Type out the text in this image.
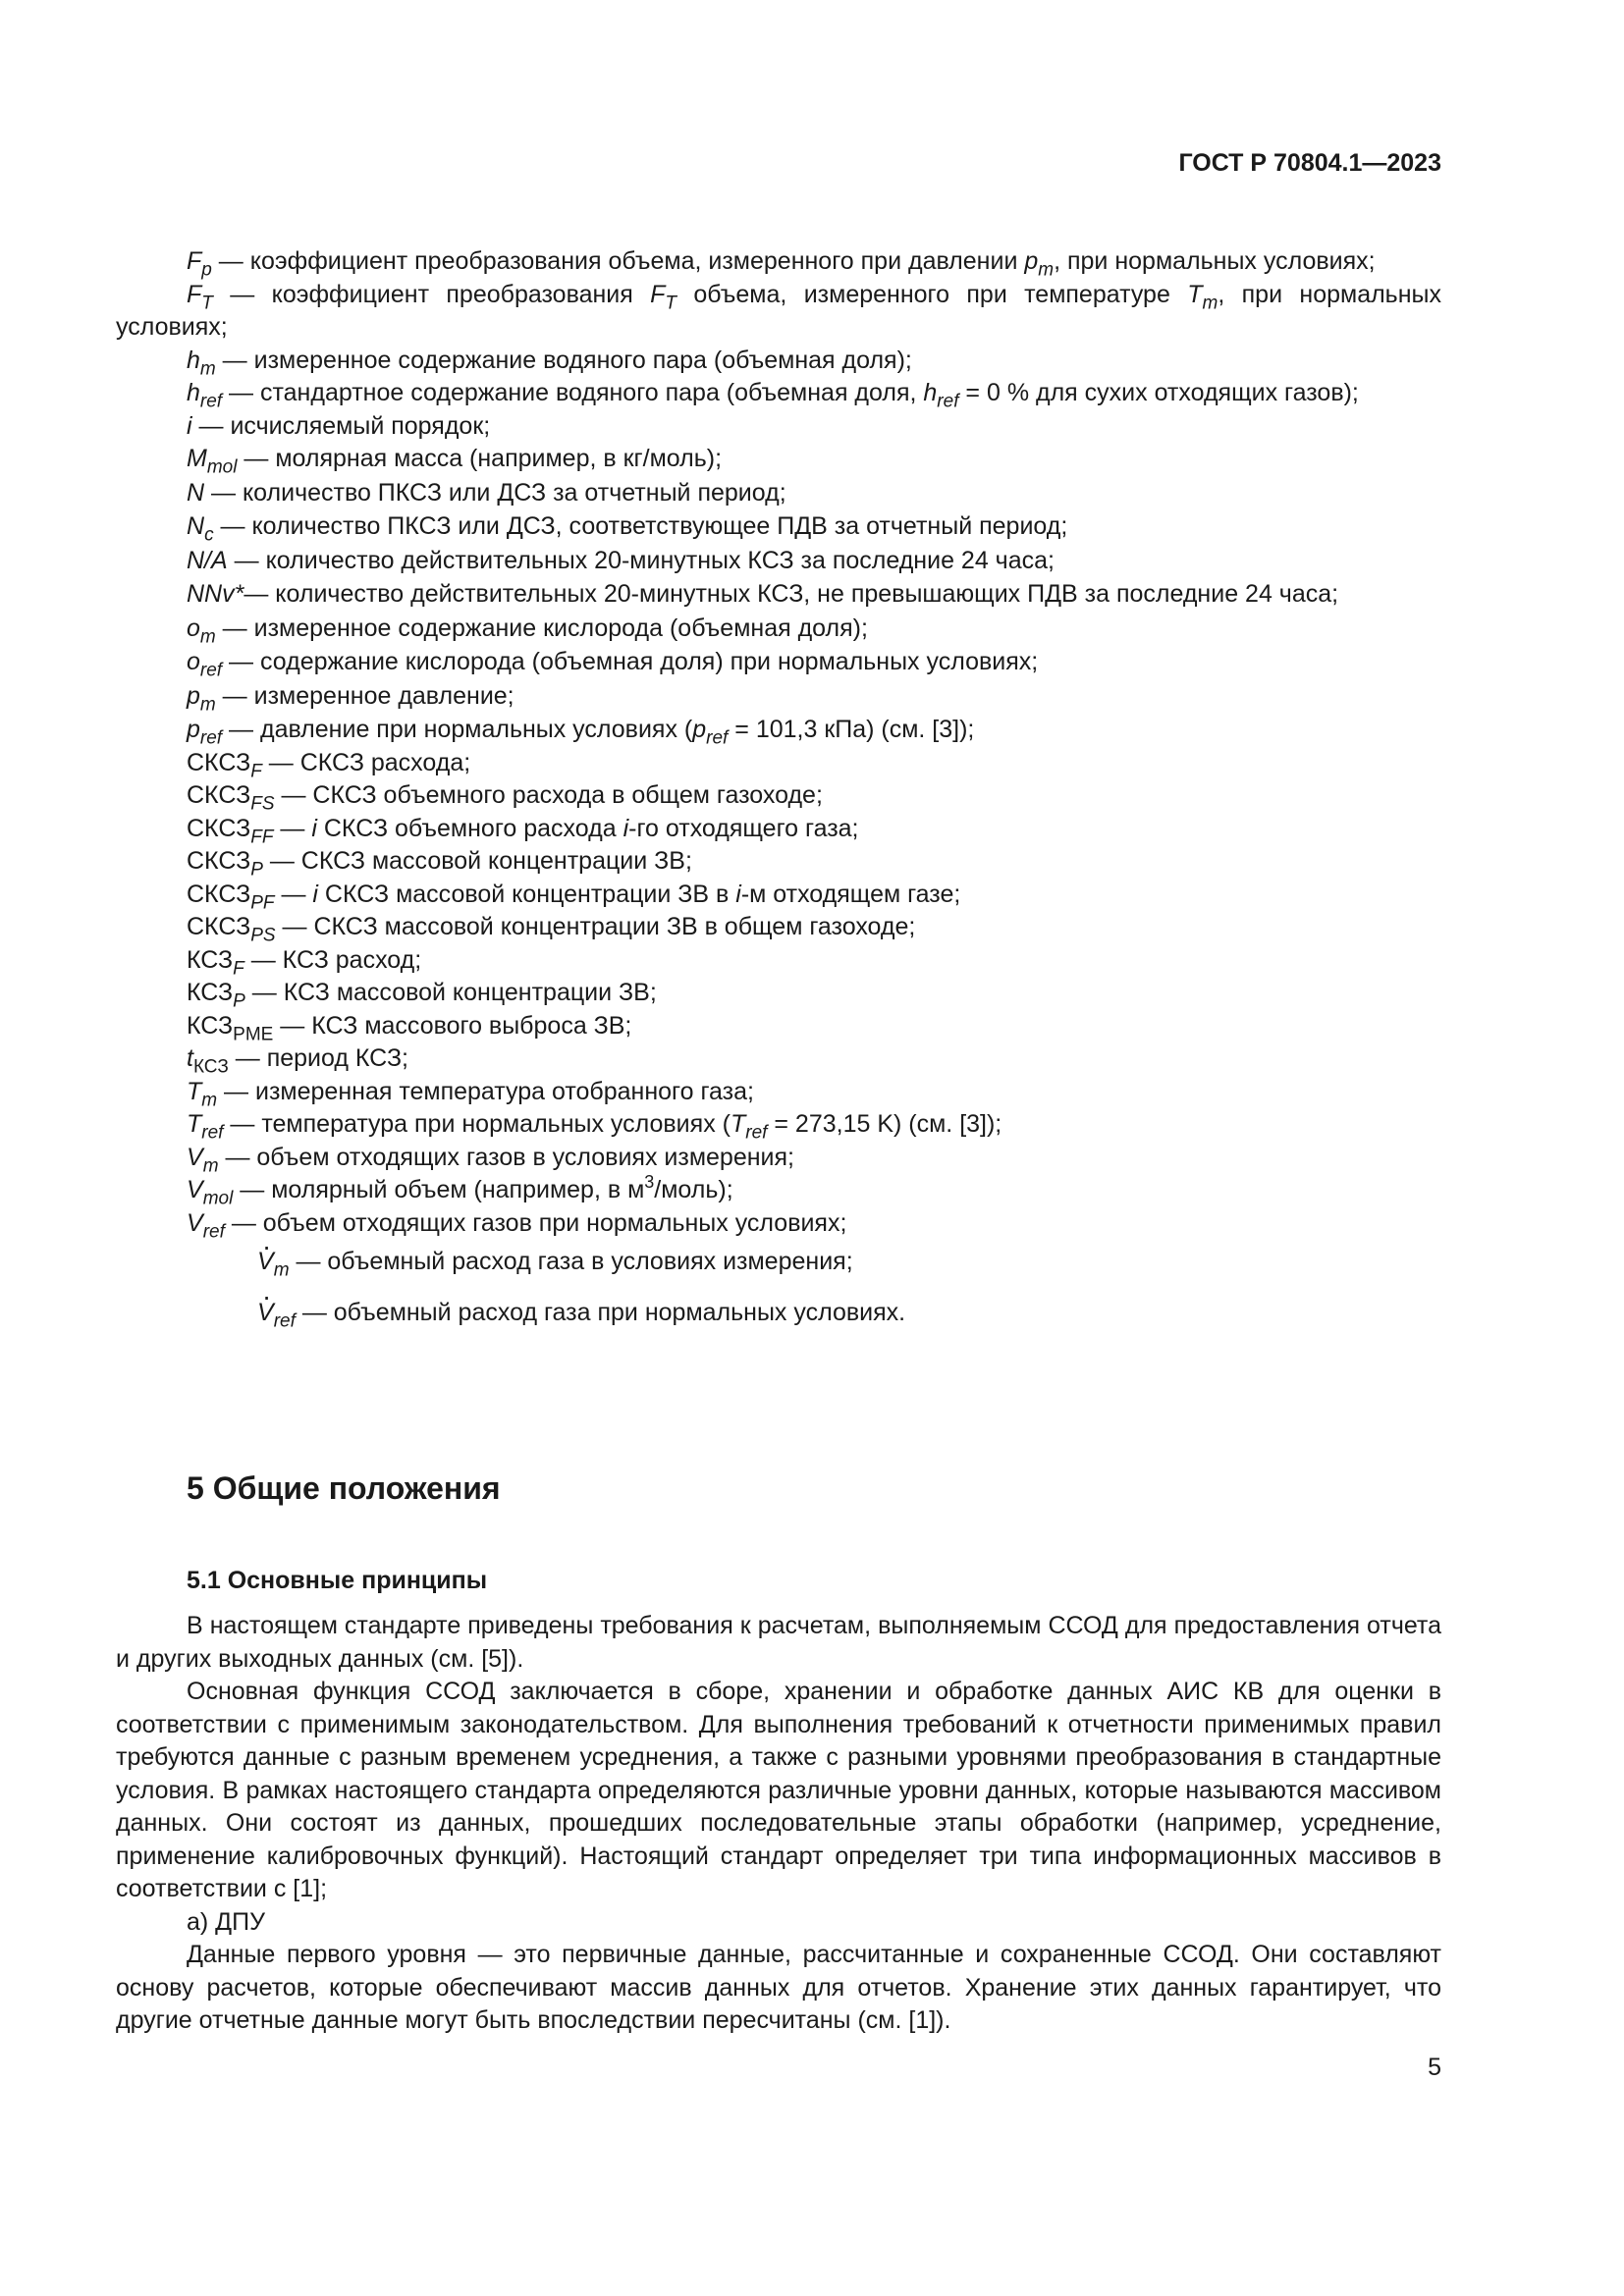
ГОСТ Р 70804.1—2023
$F_p$ — коэффициент преобразования объема, измеренного при давлении $p_m$, при нормальных условиях;
$F_T$ — коэффициент преобразования $F_T$ объема, измеренного при температуре $T_m$, при нормальных условиях;
$h_m$ — измеренное содержание водяного пара (объемная доля);
$h_{ref}$ — стандартное содержание водяного пара (объемная доля, $h_{ref} = 0$ % для сухих отходящих газов);
i — исчисляемый порядок;
$M_{mol}$ — молярная масса (например, в кг/моль);
N — количество ПКСЗ или ДСЗ за отчетный период;
$N_c$ — количество ПКСЗ или ДСЗ, соответствующее ПДВ за отчетный период;
N/A — количество действительных 20-минутных КСЗ за последние 24 часа;
NNv*— количество действительных 20-минутных КСЗ, не превышающих ПДВ за последние 24 часа;
$o_m$ — измеренное содержание кислорода (объемная доля);
$o_{ref}$ — содержание кислорода (объемная доля) при нормальных условиях;
$p_m$ — измеренное давление;
$p_{ref}$ — давление при нормальных условиях ($p_{ref} = 101,3$ кПа) (см. [3]);
$СКСЗ_F$ — СКСЗ расхода;
$СКСЗ_{FS}$ — СКСЗ объемного расхода в общем газоходе;
$СКСЗ_{FF}$ — i СКСЗ объемного расхода i-го отходящего газа;
$СКСЗ_P$ — СКСЗ массовой концентрации ЗВ;
$СКСЗ_{PF}$ — i СКСЗ массовой концентрации ЗВ в i-м отходящем газе;
$СКСЗ_{PS}$ — СКСЗ массовой концентрации ЗВ в общем газоходе;
$КСЗ_F$ — КСЗ расход;
$КСЗ_P$ — КСЗ массовой концентрации ЗВ;
$КСЗ_{PME}$ — КСЗ массового выброса ЗВ;
$t_{КСЗ}$ — период КСЗ;
$T_m$ — измеренная температура отобранного газа;
$T_{ref}$ — температура при нормальных условиях ($T_{ref} = 273,15$ K) (см. [3]);
$V_m$ — объем отходящих газов в условиях измерения;
$V_{mol}$ — молярный объем (например, в $м^3/моль$);
$V_{ref}$ — объем отходящих газов при нормальных условиях;
· $V_m$ — объемный расход газа в условиях измерения;
· $V_{ref}$ — объемный расход газа при нормальных условиях.
5 Общие положения
5.1 Основные принципы

В настоящем стандарте приведены требования к расчетам, выполняемым ССОД для предоставления отчета и других выходных данных (см. [5]).

Основная функция ССОД заключается в сборе, хранении и обработке данных АИС КВ для оценки в соответствии с применимым законодательством. Для выполнения требований к отчетности применимых правил требуются данные с разным временем усреднения, а также с разными уровнями преобразования в стандартные условия. В рамках настоящего стандарта определяются различные уровни данных, которые называются массивом данных. Они состоят из данных, прошедших последовательные этапы обработки (например, усреднение, применение калибровочных функций). Настоящий стандарт определяет три типа информационных массивов в соответствии с [1];

а) ДПУ

Данные первого уровня — это первичные данные, рассчитанные и сохраненные ССОД. Они составляют основу расчетов, которые обеспечивают массив данных для отчетов. Хранение этих данных гарантирует, что другие отчетные данные могут быть впоследствии пересчитаны (см. [1]).

5
